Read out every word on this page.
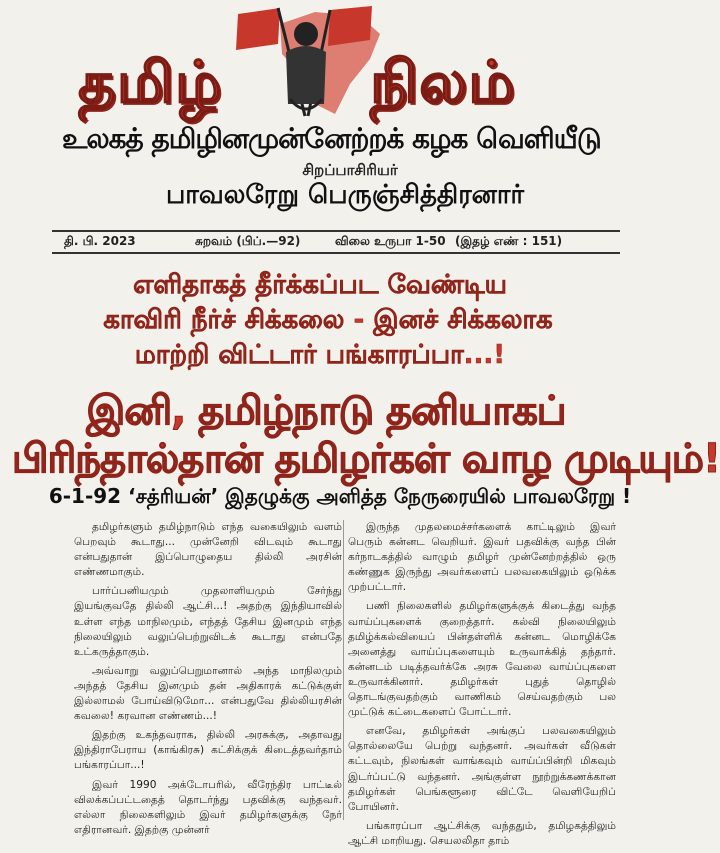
தமிழ்	நிலம்
உலகத் தமிழினமுன்னேற்றக் கழக வெளியீடு
சிறப்பாசிரியர்
பாவலரேறு பெருஞ்சித்திரனார்
தி. பி. 2023	சுறவம் (பிப்.—92)	விலை உருபா 1-50 (இதழ் எண் : 151)
எளிதாகத் தீர்க்கப்பட வேண்டிய
காவிரி நீர்ச் சிக்கலை - இனச் சிக்கலாக
மாற்றி விட்டார் பங்காரப்பா...!
இனி, தமிழ்நாடு தனியாகப்
பிரிந்தால்தான் தமிழர்கள் வாழ முடியும்!
6-1-92 ‘சத்ரியன்’ இதழுக்கு அளித்த நேருரையில் பாவலரேறு !

தமிழர்களும் தமிழ்நாடும் எந்த வகையிலும் வளம் பெறவும் கூடாது... முன்னேறி விடவும் கூடாது என்பதுதான் இப்பொழுதைய தில்லி அரசின் எண்ணமாகும்.

பார்ப்பனியமும் முதலாளியமும் சேர்ந்து இயங்குவதே தில்லி ஆட்சி...! அதற்கு இந்தியாவில் உள்ள எந்த மாநிலமும், எந்தத் தேசிய இனமும் எந்த நிலையிலும் வலுப்பெற்றுவிடக் கூடாது என்பதே உட்கருத்தாகும்.

அவ்வாறு வலுப்பெறுமானால் அந்த மாநிலமும் அந்தத் தேசிய இனமும் தன் அதிகாரக் கட்டுக்குள் இல்லாமல் போய்விடுமோ... என்பதுவே தில்லியரசின் கவலை! கரவான எண்ணம்...!

இதற்கு உகந்தவராக, தில்லி அரசுக்கு, அதாவது இந்திராபேராய (காங்கிரசு) கட்சிக்குக் கிடைத்தவர்தாம் பங்காரப்பா...!

இவர் 1990 அக்டோபரில், வீரேந்திர பாட்டீல் விலக்கப்பட்டதைத் தொடர்ந்து பதவிக்கு வந்தவர். எல்லா நிலைகளிலும் இவர் தமிழர்களுக்கு நேர் எதிரானவர். இதற்கு முன்னர்

இருந்த முதலமைச்சர்களைக் காட்டிலும் இவர் பெரும் கன்னட வெறியர். இவர் பதவிக்கு வந்த பின் கர்நாடகத்தில் வாழும் தமிழர் முன்னேற்றத்தில் ஒரு கண்ணுக இருந்து அவர்களைப் பலவகையிலும் ஒடுக்க முற்பட்டார்.

பணி நிலைகளில் தமிழர்களுக்குக் கிடைத்து வந்த வாய்ப்புகளைக் குறைத்தார். கல்வி நிலையிலும் தமிழ்க்கல்வியைப் பின்தள்ளிக் கன்னட மொழிக்கே அனைத்து வாய்ப்புகளையும் உருவாக்கித் தந்தார். கன்னடம் படித்தவர்க்கே அரசு வேலை வாய்ப்புகளை உருவாக்கினார். தமிழர்கள் புதுத் தொழில் தொடங்குவதற்கும் வாணிகம் செய்வதற்கும் பல முட்டுக் கட்டைகளைப் போட்டார்.

எனவே, தமிழர்கள் அங்குப் பலவகையிலும் தொல்லையே பெற்று வந்தனர். அவர்கள் வீடுகள் கட்டவும், நிலங்கள் வாங்கவும் வாய்ப்பின்றி மிகவும் இடர்ப்பட்டு வந்தனர். அங்குள்ள நூற்றுக்கணக்கான தமிழர்கள் பெங்களூரை விட்டே வெளியேறிப் போயினர்.

பங்காரப்பா ஆட்சிக்கு வந்ததும், தமிழகத்திலும் ஆட்சி மாறியது. செயலலிதா தாம்
